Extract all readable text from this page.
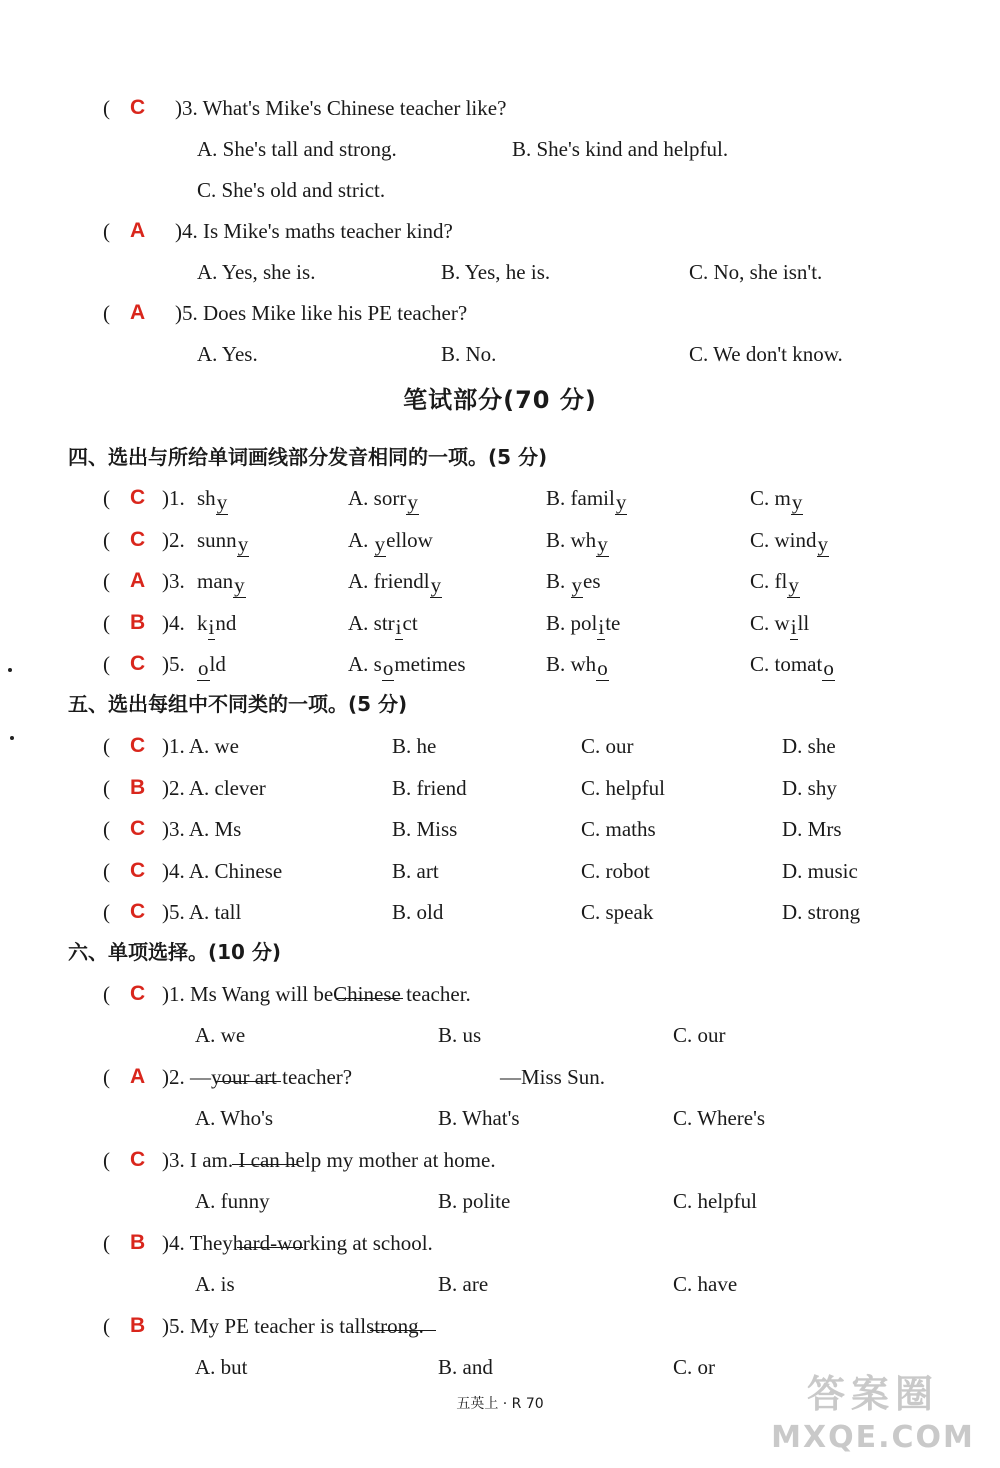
( C )3. What's Mike's Chinese teacher like?
A. She's tall and strong.	B. She's kind and helpful.
C. She's old and strict.
( A )4. Is Mike's maths teacher kind?
A. Yes, she is.	B. Yes, he is.	C. No, she isn't.
( A )5. Does Mike like his PE teacher?
A. Yes.	B. No.	C. We don't know.
笔试部分(70 分)
四、选出与所给单词画线部分发音相同的一项。(5 分)
( C )1. shy	A. sorry	B. family	C. my
( C )2. sunny	A. yellow	B. why	C. windy
( A )3. many	A. friendly	B. yes	C. fly
( B )4. kind	A. strict	B. polite	C. will
( C )5. old	A. sometimes	B. who	C. tomato
五、选出每组中不同类的一项。(5 分)
( C )1. A. we	B. he	C. our	D. she
( B )2. A. clever	B. friend	C. helpful	D. shy
( C )3. A. Ms	B. Miss	C. maths	D. Mrs
( C )4. A. Chinese	B. art	C. robot	D. music
( C )5. A. tall	B. old	C. speak	D. strong
六、单项选择。(10 分)
( C )1. Ms Wang will be
Chinese teacher.
A. we	B. us	C. our
( A )2. —
your art teacher?	—Miss Sun.
A. Who's	B. What's	C. Where's
( C )3. I am
. I can help my mother at home.
A. funny	B. polite	C. helpful
( B )4. They
hard-working at school.
A. is	B. are	C. have
( B )5. My PE teacher is tall
strong.
A. but	B. and	C. or
五英上 · R 70	答案圈
MXQE.COM
